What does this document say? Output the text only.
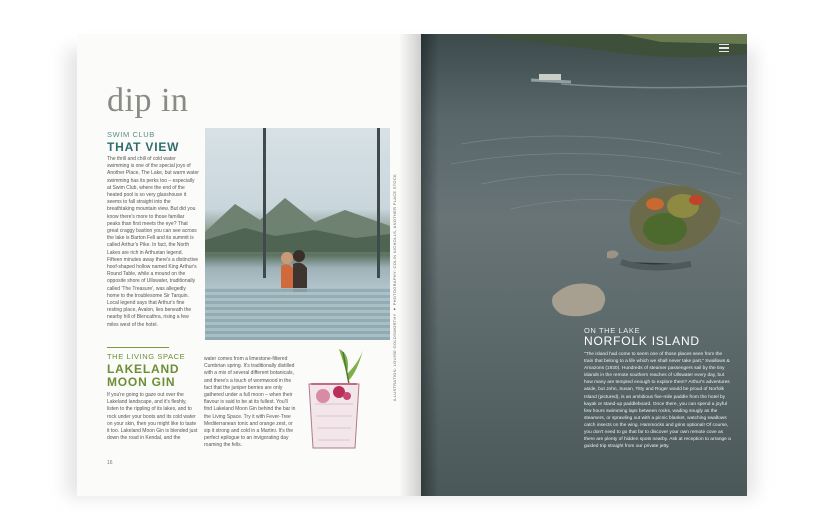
dip in
SWIM CLUB
THAT VIEW
The thrill and chill of cold water swimming is one of the special joys of Another Place, The Lake, but warm water swimming has its perks too – especially at Swim Club, where the end of the heated pool is so very glasshouse it seems to fall straight into the breathtaking mountain view. But did you know there's more to those familiar peaks than first meets the eye? That great craggy bastion you can see across the lake is Barton Fell and its summit is called Arthur's Pike. In fact, the North Lakes are rich in Arthurian legend. Fifteen minutes away there's a distinctive hoof-shaped hollow named King Arthur's Round Table, while a mound on the opposite shore of Ullswater, traditionally called 'The Treasure', was allegedly home to the troublesome Sir Tarquin. Local legend says that Arthur's fine resting place, Avalon, lies beneath the nearby hill of Blencathra, rising a few miles west of the hotel.	ILLUSTRATION: LOUISE GOLDSWORTHY ● PHOTOGRAPHY: COLIN NICHOLLS, ANOTHER PLACE STOCK
THE LIVING SPACE
LAKELAND MOON GIN
If you're going to gaze out over the Lakeland landscape, and it's fleshly, listen to the rippling of its lakes, and to rock under your boots and its cold water on your skin, then you might like to taste it too. Lakeland Moon Gin is blended just down the road in Kendal, and the
water comes from a limestone-filtered Cumbrian spring. It's traditionally distilled with a mix of several different botanicals, and there's a touch of wormwood in the fact that the juniper berries are only gathered under a full moon – when their flavour is said to be at its fullest. You'll find Lakeland Moon Gin behind the bar in the Living Space. Try it with Fever-Tree Mediterranean tonic and orange zest, or sip it strong and cold in a Martini. It's the perfect epilogue to an invigorating day roaming the fells.
16
ON THE LAKE
NORFOLK ISLAND
"The island had come to seem one of those places seen from the train that belong to a life which we shall never take part," Swallows & Amazons (1930). Hundreds of steamer passengers sail by the tiny islands in the remote southern reaches of Ullswater every day, but how many are tempted enough to explore them? Arthur's adventures aside, but John, Susan, Titty and Roger would be proud of Norfolk Island (pictured), is an ambitious five-mile paddle from the hotel by kayak or stand-up paddleboard. Once there, you can spend a joyful few hours swimming laps between rocks, wading snugly as the steamers, or sprawling out with a picnic blanket, watching swallows catch insects on the wing. Hammocks and grins optional! Of course, you don't need to go that far to discover your own remote cove as there are plenty of hidden spots nearby. Ask at reception to arrange a guided trip straight from our private jetty.
